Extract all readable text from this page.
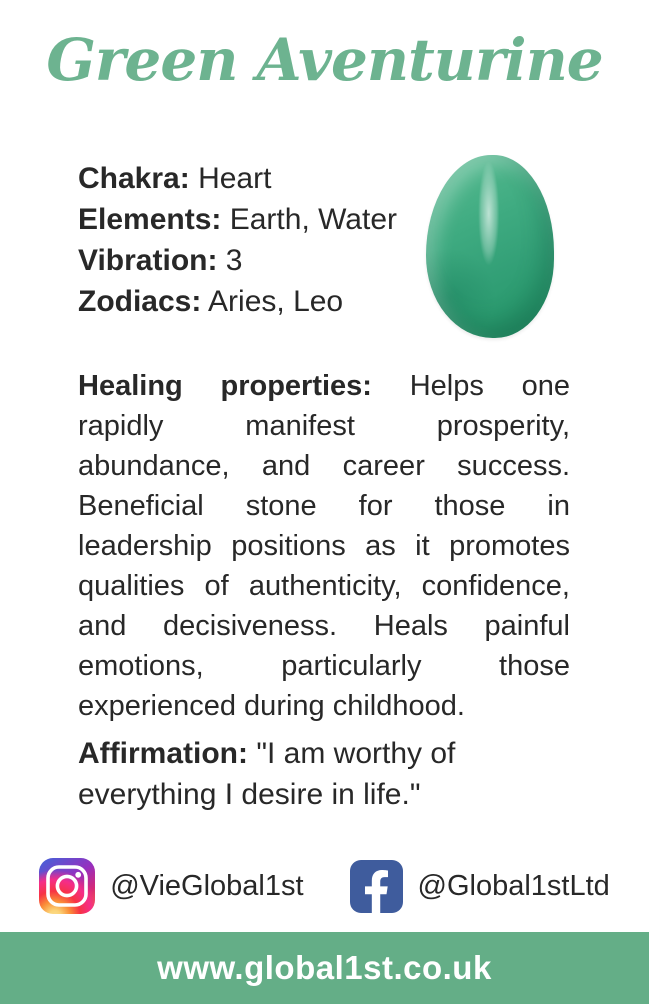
Green Aventurine

Chakra: Heart

Elements: Earth, Water

Vibration: 3

Zodiacs: Aries, Leo

Healing properties: Helps one rapidly manifest prosperity, abundance, and career success. Beneficial stone for those in leadership positions as it promotes qualities of authenticity, confidence, and decisiveness. Heals painful emotions, particularly those experienced during childhood.

Affirmation: "I am worthy of everything I desire in life."

@VieGlobal1st	@Global1stLtd
www.global1st.co.uk
